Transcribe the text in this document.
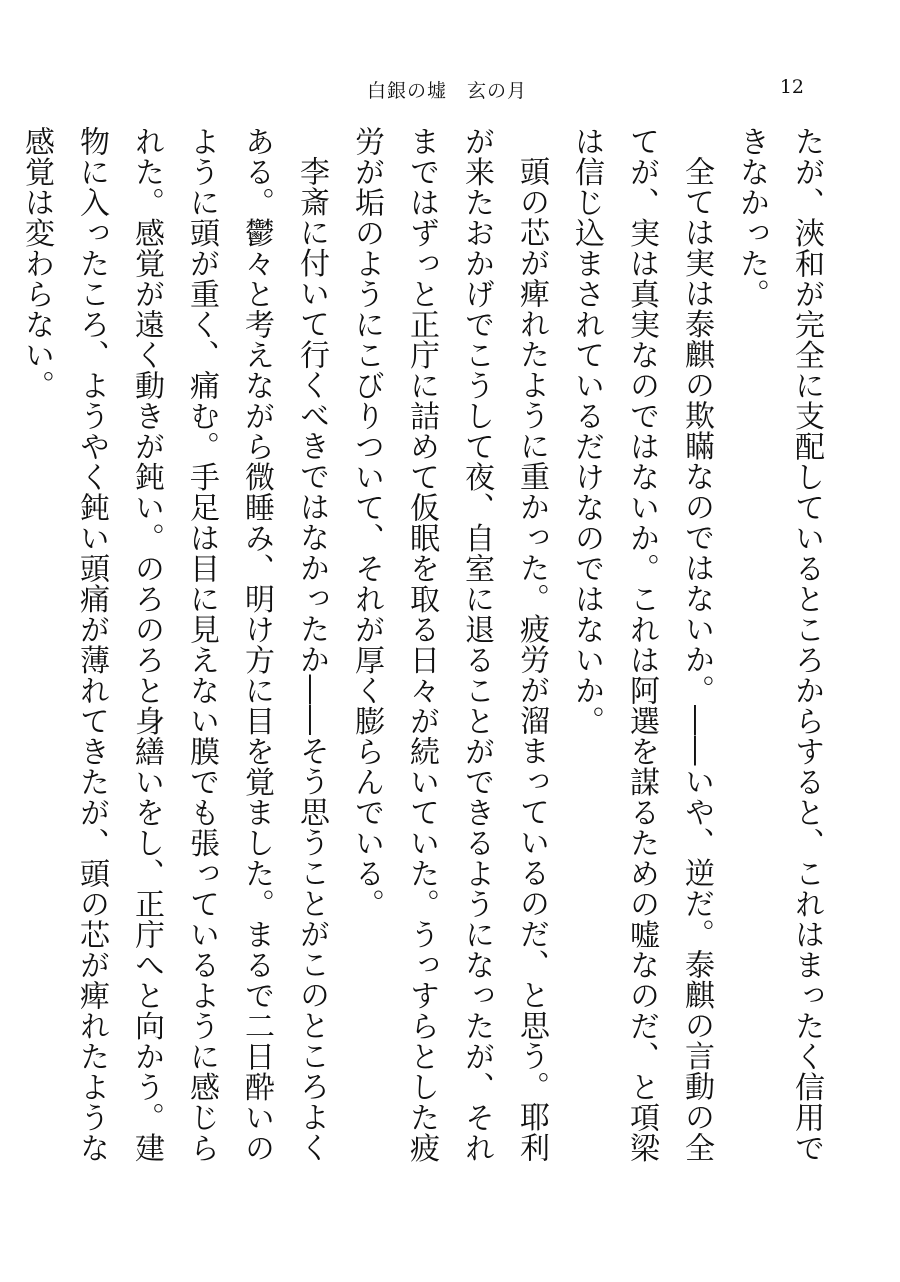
白銀の墟　玄の月	12

たが、浹和が完全に支配しているところからすると、これはまったく信用できなかった。

全ては実は泰麒の欺瞞なのではないか。――いや、逆だ。泰麒の言動の全てが、実は真実なのではないか。これは阿選を謀るための嘘なのだ、と項梁は信じ込まされているだけなのではないか。

頭の芯が痺れたように重かった。疲労が溜まっているのだ、と思う。耶利が来たおかげでこうして夜、自室に退ることができるようになったが、それまではずっと正庁に詰めて仮眠を取る日々が続いていた。うっすらとした疲労が垢のようにこびりついて、それが厚く膨らんでいる。

李斎に付いて行くべきではなかったか――そう思うことがこのところよくある。鬱々と考えながら微睡み、明け方に目を覚ました。まるで二日酔いのように頭が重く、痛む。手足は目に見えない膜でも張っているように感じられた。感覚が遠く動きが鈍い。のろのろと身繕いをし、正庁へと向かう。建物に入ったころ、ようやく鈍い頭痛が薄れてきたが、頭の芯が痺れたような感覚は変わらない。
